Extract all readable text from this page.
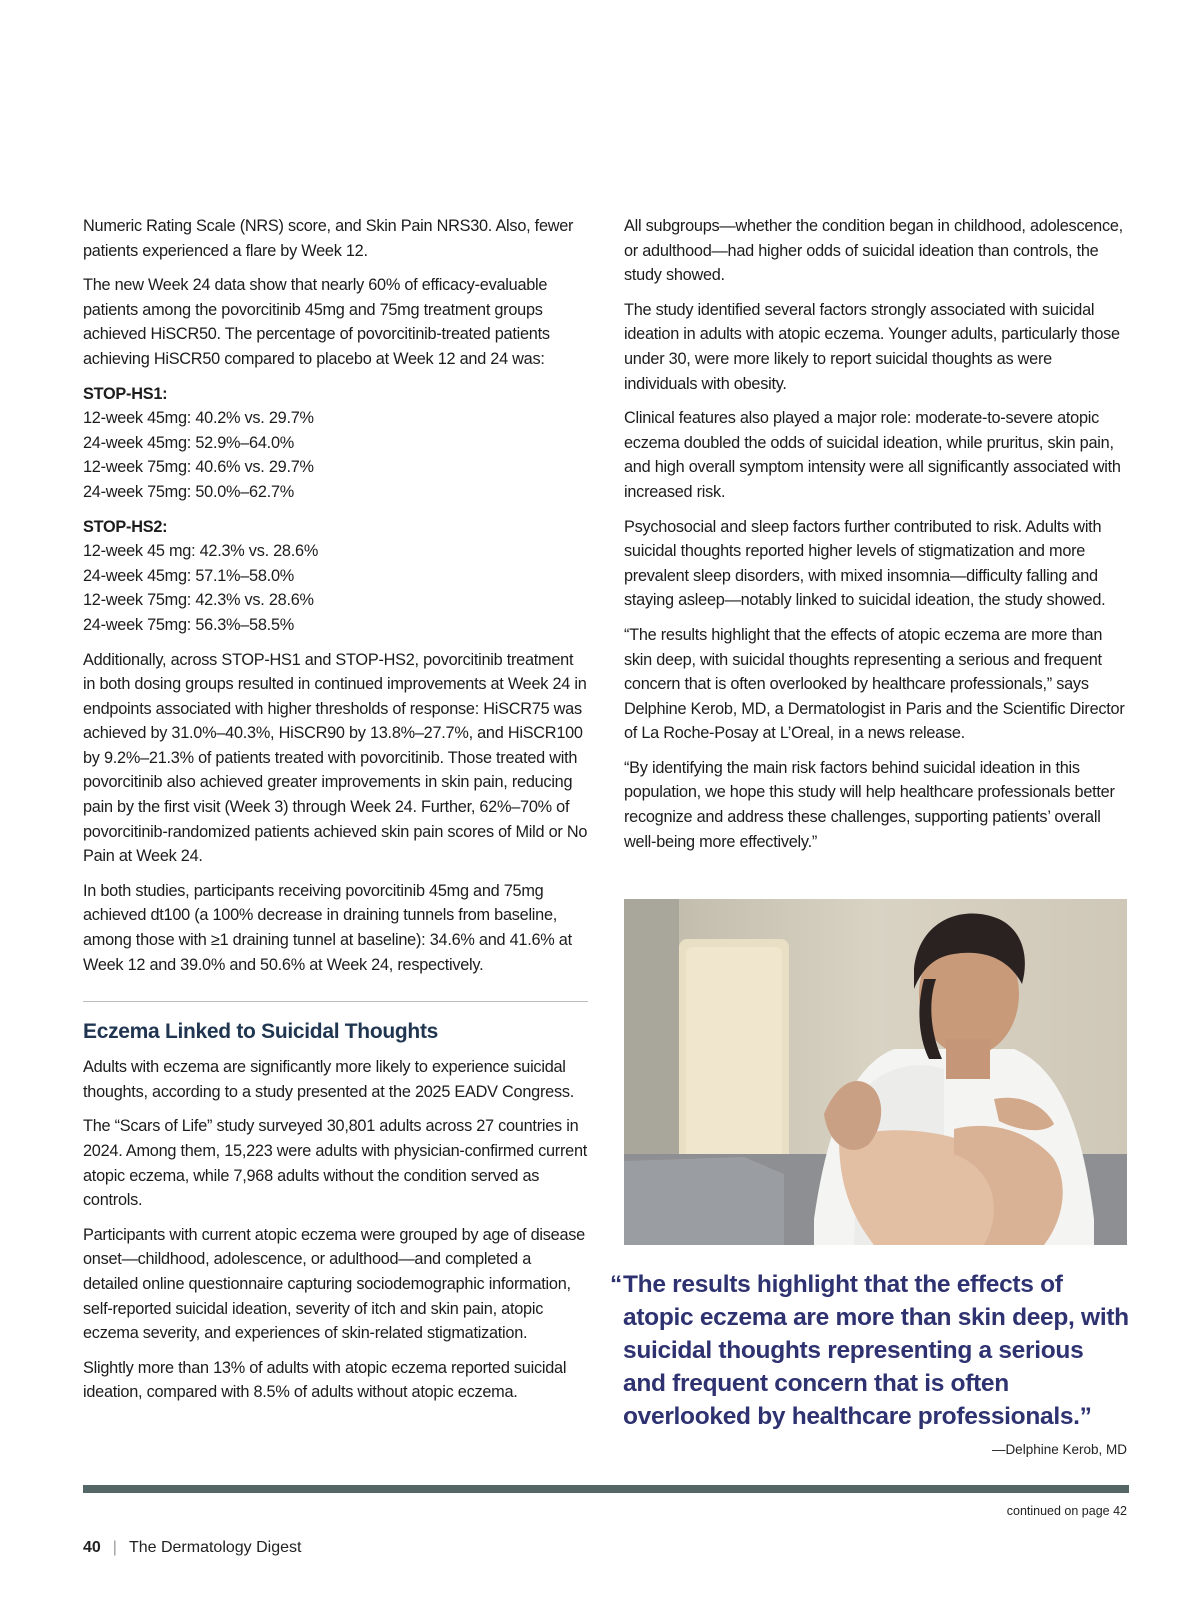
Numeric Rating Scale (NRS) score, and Skin Pain NRS30. Also, fewer patients experienced a flare by Week 12.

The new Week 24 data show that nearly 60% of efficacy-evaluable patients among the povorcitinib 45mg and 75mg treatment groups achieved HiSCR50. The percentage of povorcitinib-treated patients achieving HiSCR50 compared to placebo at Week 12 and 24 was:

STOP-HS1:
12-week 45mg: 40.2% vs. 29.7%
24-week 45mg: 52.9%–64.0%
12-week 75mg: 40.6% vs. 29.7%
24-week 75mg: 50.0%–62.7%
STOP-HS2:
12-week 45 mg: 42.3% vs. 28.6%
24-week 45mg: 57.1%–58.0%
12-week 75mg: 42.3% vs. 28.6%
24-week 75mg: 56.3%–58.5%

Additionally, across STOP-HS1 and STOP-HS2, povorcitinib treatment in both dosing groups resulted in continued improvements at Week 24 in endpoints associated with higher thresholds of response: HiSCR75 was achieved by 31.0%–40.3%, HiSCR90 by 13.8%–27.7%, and HiSCR100 by 9.2%–21.3% of patients treated with povorcitinib. Those treated with povorcitinib also achieved greater improvements in skin pain, reducing pain by the first visit (Week 3) through Week 24. Further, 62%–70% of povorcitinib-randomized patients achieved skin pain scores of Mild or No Pain at Week 24.

In both studies, participants receiving povorcitinib 45mg and 75mg achieved dt100 (a 100% decrease in draining tunnels from baseline, among those with ≥1 draining tunnel at baseline): 34.6% and 41.6% at Week 12 and 39.0% and 50.6% at Week 24, respectively.

Eczema Linked to Suicidal Thoughts

Adults with eczema are significantly more likely to experience suicidal thoughts, according to a study presented at the 2025 EADV Congress.

The “Scars of Life” study surveyed 30,801 adults across 27 countries in 2024. Among them, 15,223 were adults with physician-confirmed current atopic eczema, while 7,968 adults without the condition served as controls.

Participants with current atopic eczema were grouped by age of disease onset—childhood, adolescence, or adulthood—and completed a detailed online questionnaire capturing sociodemographic information, self-reported suicidal ideation, severity of itch and skin pain, atopic eczema severity, and experiences of skin-related stigmatization.

Slightly more than 13% of adults with atopic eczema reported suicidal ideation, compared with 8.5% of adults without atopic eczema.

All subgroups—whether the condition began in childhood, adolescence, or adulthood—had higher odds of suicidal ideation than controls, the study showed.

The study identified several factors strongly associated with suicidal ideation in adults with atopic eczema. Younger adults, particularly those under 30, were more likely to report suicidal thoughts as were individuals with obesity.

Clinical features also played a major role: moderate-to-severe atopic eczema doubled the odds of suicidal ideation, while pruritus, skin pain, and high overall symptom intensity were all significantly associated with increased risk.

Psychosocial and sleep factors further contributed to risk. Adults with suicidal thoughts reported higher levels of stigmatization and more prevalent sleep disorders, with mixed insomnia—difficulty falling and staying asleep—notably linked to suicidal ideation, the study showed.

“The results highlight that the effects of atopic eczema are more than skin deep, with suicidal thoughts representing a serious and frequent concern that is often overlooked by healthcare professionals,” says Delphine Kerob, MD, a Dermatologist in Paris and the Scientific Director of La Roche-Posay at L’Oreal, in a news release.

“By identifying the main risk factors behind suicidal ideation in this population, we hope this study will help healthcare professionals better recognize and address these challenges, supporting patients’ overall well-being more effectively.”

“ The results highlight that the effects of atopic eczema are more than skin deep, with suicidal thoughts representing a serious and frequent concern that is often overlooked by healthcare professionals.”
—Delphine Kerob, MD
continued on page 42
40 | The Dermatology Digest
